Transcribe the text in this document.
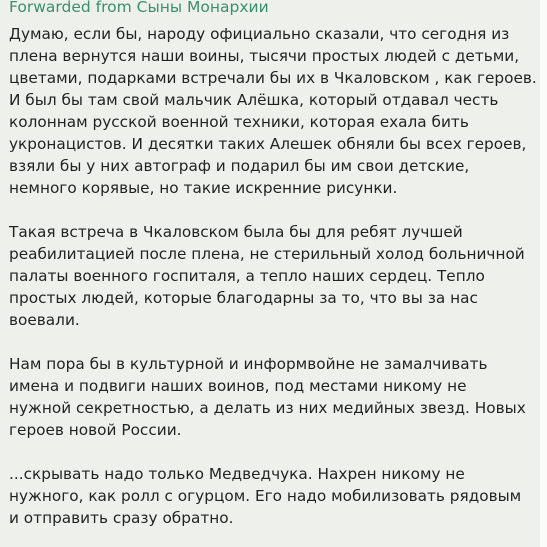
Forwarded from Сыны Монархии
Думаю, если бы, народу официально сказали, что сегодня из
плена вернутся наши воины, тысячи простых людей с детьми,
цветами, подарками встречали бы их в Чкаловском , как героев.
И был бы там свой мальчик Алёшка, который отдавал честь
колоннам русской военной техники, которая ехала бить
укронацистов. И десятки таких Алешек обняли бы всех героев,
взяли бы у них автограф и подарил бы им свои детские,
немного корявые, но такие искренние рисунки.
Такая встреча в Чкаловском была бы для ребят лучшей
реабилитацией после плена, не стерильный холод больничной
палаты военного госпиталя, а тепло наших сердец. Тепло
простых людей, которые благодарны за то, что вы за нас
воевали.
Нам пора бы в культурной и информвойне не замалчивать
имена и подвиги наших воинов, под местами никому не
нужной секретностью, а делать из них медийных звезд. Новых
героев новой России.
...скрывать надо только Медведчука. Нахрен никому не
нужного, как ролл с огурцом. Его надо мобилизовать рядовым
и отправить сразу обратно.
